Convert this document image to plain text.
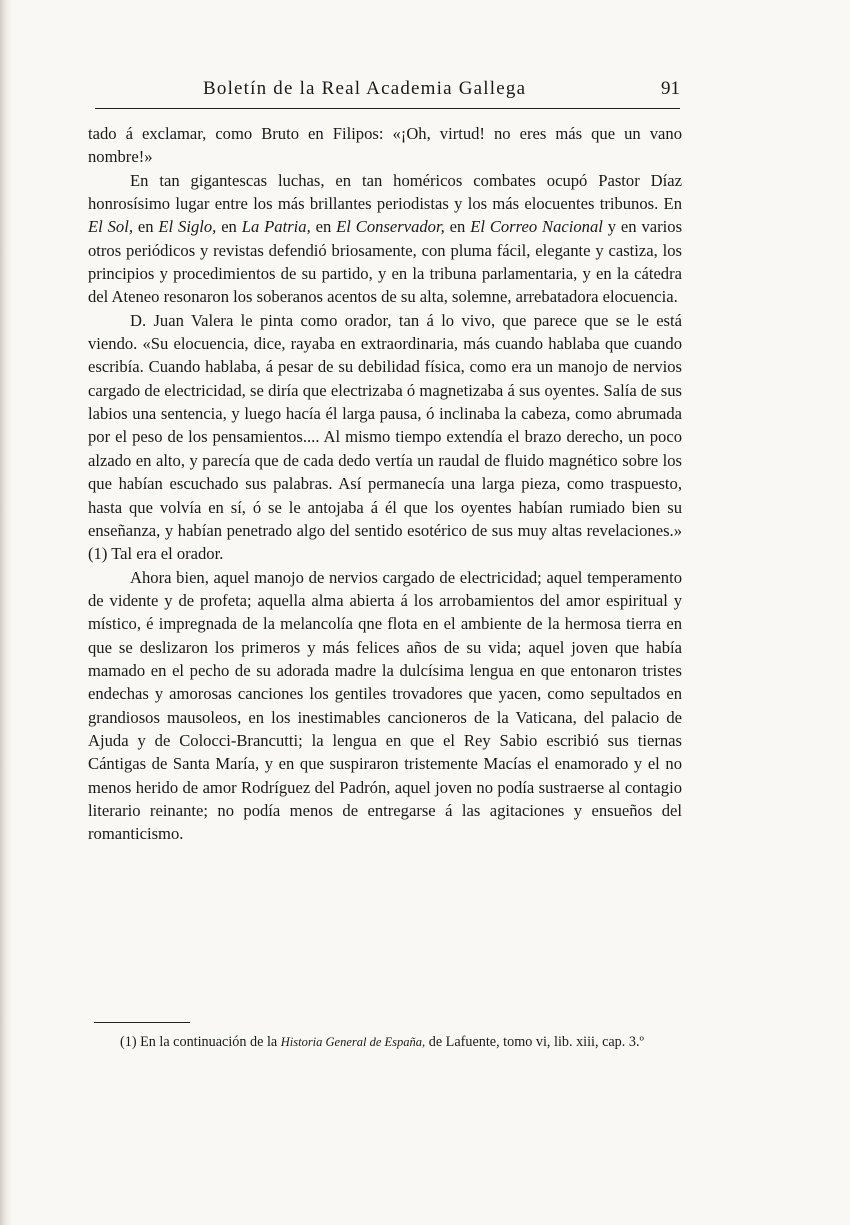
Boletín de la Real Academia Gallega	91

tado á exclamar, como Bruto en Filipos: «¡Oh, virtud! no eres más que un vano nombre!»

En tan gigantescas luchas, en tan homéricos combates ocupó Pastor Díaz honrosísimo lugar entre los más brillantes periodistas y los más elocuentes tribunos. En El Sol, en El Siglo, en La Patria, en El Conservador, en El Correo Nacional y en varios otros periódicos y revistas defendió briosamente, con pluma fácil, elegante y castiza, los principios y procedimientos de su partido, y en la tribuna parlamentaria, y en la cátedra del Ateneo resonaron los soberanos acentos de su alta, solemne, arrebatadora elocuencia.

D. Juan Valera le pinta como orador, tan á lo vivo, que parece que se le está viendo. «Su elocuencia, dice, rayaba en extraordinaria, más cuando hablaba que cuando escribía. Cuando hablaba, á pesar de su debilidad física, como era un manojo de nervios cargado de electricidad, se diría que electrizaba ó magnetizaba á sus oyentes. Salía de sus labios una sentencia, y luego hacía él larga pausa, ó inclinaba la cabeza, como abrumada por el peso de los pensamientos.... Al mismo tiempo extendía el brazo derecho, un poco alzado en alto, y parecía que de cada dedo vertía un raudal de fluido magnético sobre los que habían escuchado sus palabras. Así permanecía una larga pieza, como traspuesto, hasta que volvía en sí, ó se le antojaba á él que los oyentes habían rumiado bien su enseñanza, y habían penetrado algo del sentido esotérico de sus muy altas revelaciones.» (1) Tal era el orador.

Ahora bien, aquel manojo de nervios cargado de electricidad; aquel temperamento de vidente y de profeta; aquella alma abierta á los arrobamientos del amor espiritual y místico, é impregnada de la melancolía qne flota en el ambiente de la hermosa tierra en que se deslizaron los primeros y más felices años de su vida; aquel joven que había mamado en el pecho de su adorada madre la dulcísima lengua en que entonaron tristes endechas y amorosas canciones los gentiles trovadores que yacen, como sepultados en grandiosos mausoleos, en los inestimables cancioneros de la Vaticana, del palacio de Ajuda y de Colocci-Brancutti; la lengua en que el Rey Sabio escribió sus tiernas Cántigas de Santa María, y en que suspiraron tristemente Macías el enamorado y el no menos herido de amor Rodríguez del Padrón, aquel joven no podía sustraerse al contagio literario reinante; no podía menos de entregarse á las agitaciones y ensueños del romanticismo.

(1) En la continuación de la Historia General de España, de Lafuente, tomo vi, lib. xiii, cap. 3.º
